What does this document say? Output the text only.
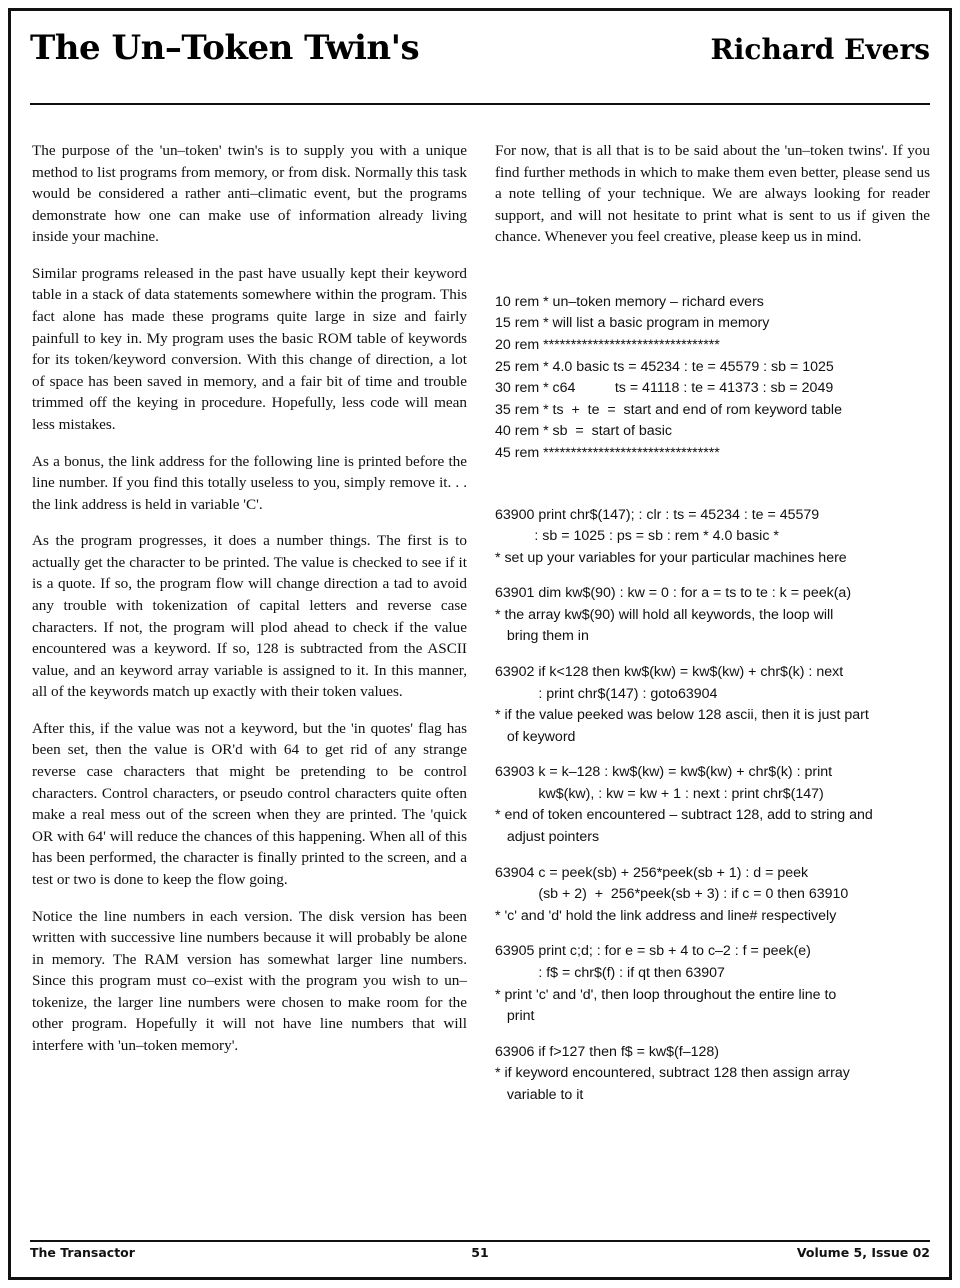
The Un–Token Twin's	Richard Evers

The purpose of the 'un–token' twin's is to supply you with a unique method to list programs from memory, or from disk. Normally this task would be considered a rather anti–climatic event, but the programs demonstrate how one can make use of information already living inside your machine.

Similar programs released in the past have usually kept their keyword table in a stack of data statements somewhere within the program. This fact alone has made these programs quite large in size and fairly painfull to key in. My program uses the basic ROM table of keywords for its token/keyword conversion. With this change of direction, a lot of space has been saved in memory, and a fair bit of time and trouble trimmed off the keying in procedure. Hopefully, less code will mean less mistakes.

As a bonus, the link address for the following line is printed before the line number. If you find this totally useless to you, simply remove it. . . the link address is held in variable 'C'.

As the program progresses, it does a number things. The first is to actually get the character to be printed. The value is checked to see if it is a quote. If so, the program flow will change direction a tad to avoid any trouble with tokenization of capital letters and reverse case characters. If not, the program will plod ahead to check if the value encountered was a keyword. If so, 128 is subtracted from the ASCII value, and an keyword array variable is assigned to it. In this manner, all of the keywords match up exactly with their token values.

After this, if the value was not a keyword, but the 'in quotes' flag has been set, then the value is OR'd with 64 to get rid of any strange reverse case characters that might be pretending to be control characters. Control characters, or pseudo control characters quite often make a real mess out of the screen when they are printed. The 'quick OR with 64' will reduce the chances of this happening. When all of this has been performed, the character is finally printed to the screen, and a test or two is done to keep the flow going.

Notice the line numbers in each version. The disk version has been written with successive line numbers because it will probably be alone in memory. The RAM version has somewhat larger line numbers. Since this program must co–exist with the program you wish to un–tokenize, the larger line numbers were chosen to make room for the other program. Hopefully it will not have line numbers that will interfere with 'un–token memory'.

For now, that is all that is to be said about the 'un–token twins'. If you find further methods in which to make them even better, please send us a note telling of your technique. We are always looking for reader support, and will not hesitate to print what is sent to us if given the chance. Whenever you feel creative, please keep us in mind.

10 rem * un–token memory – richard evers
15 rem * will list a basic program in memory
20 rem ********************************
25 rem * 4.0 basic ts = 45234 : te = 45579 : sb = 1025
30 rem * c64          ts = 41118 : te = 41373 : sb = 2049
35 rem * ts  +  te  =  start and end of rom keyword table
40 rem * sb  =  start of basic
45 rem ********************************
63900 print chr$(147); : clr : ts = 45234 : te = 45579
: sb = 1025 : ps = sb : rem * 4.0 basic *
* set up your variables for your particular machines here
63901 dim kw$(90) : kw = 0 : for a = ts to te : k = peek(a)
* the array kw$(90) will hold all keywords, the loop will
bring them in
63902 if k<128 then kw$(kw) = kw$(kw) + chr$(k) : next
: print chr$(147) : goto63904
* if the value peeked was below 128 ascii, then it is just part
of keyword
63903 k = k–128 : kw$(kw) = kw$(kw) + chr$(k) : print
kw$(kw), : kw = kw + 1 : next : print chr$(147)
* end of token encountered – subtract 128, add to string and
adjust pointers
63904 c = peek(sb) + 256*peek(sb + 1) : d = peek
(sb + 2)  +  256*peek(sb + 3) : if c = 0 then 63910
* 'c' and 'd' hold the link address and line# respectively
63905 print c;d; : for e = sb + 4 to c–2 : f = peek(e)
: f$ = chr$(f) : if qt then 63907
* print 'c' and 'd', then loop throughout the entire line to
print
63906 if f>127 then f$ = kw$(f–128)
* if keyword encountered, subtract 128 then assign array
variable to it
The Transactor	Volume 5, Issue 02
51
